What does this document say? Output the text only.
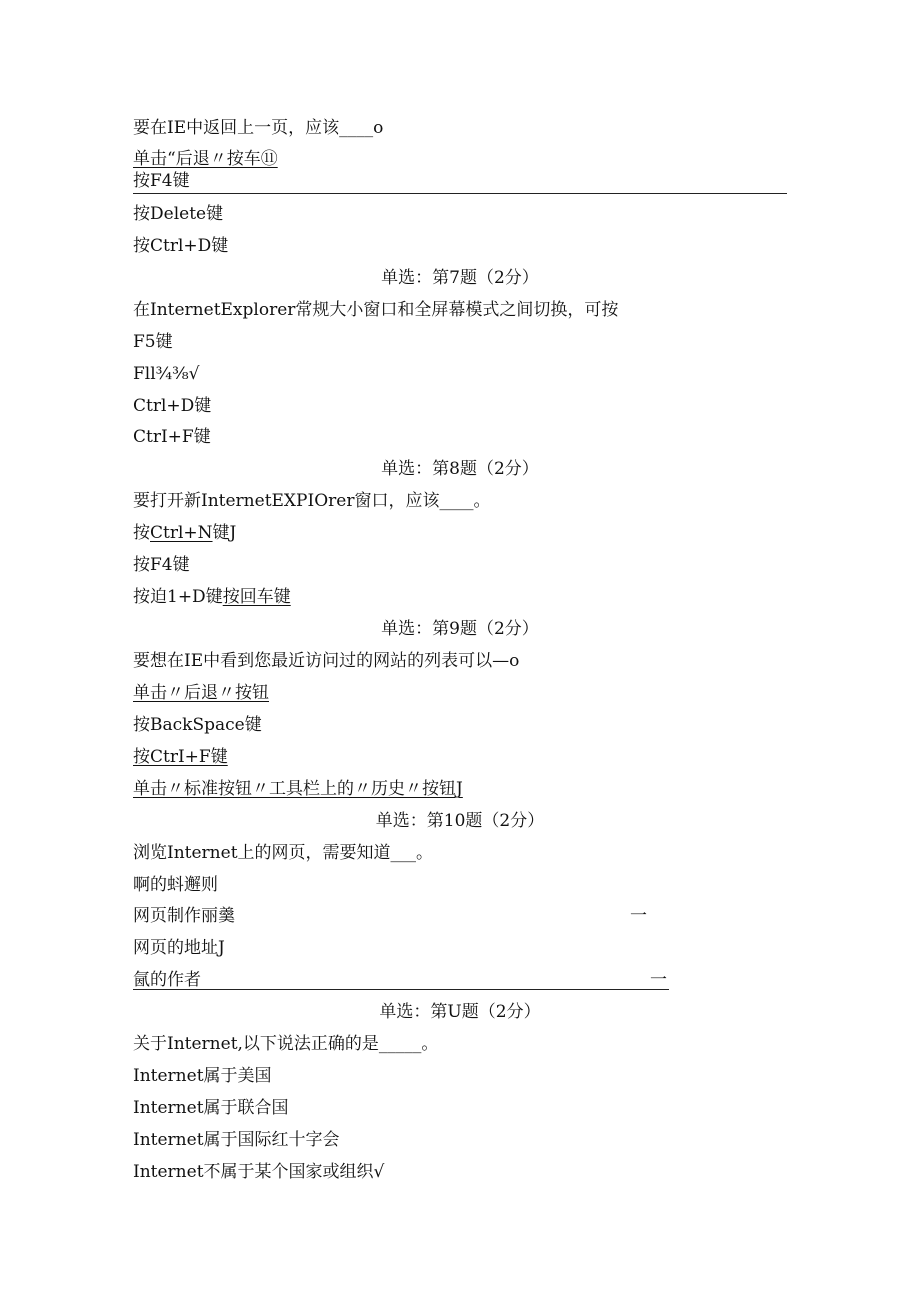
要在IE中返回上一页，应该____o
单击“后退〃按车⑪
按F4键
按Delete键
按Ctrl+D键
单选：第7题（2分）
在InternetExplorer常规大小窗口和全屏幕模式之间切换，可按
F5键
Fll¾⅜√
Ctrl+D键
CtrI+F键
单选：第8题（2分）
要打开新InternetEXPIOrer窗口，应该____。
按Ctrl+N键J
按F4键
按迫1+D键按回车键
单选：第9题（2分）
要想在IE中看到您最近访问过的网站的列表可以—o
单击〃后退〃按钮
按BackSpace键
按CtrI+F键
单击〃标准按钮〃工具栏上的〃历史〃按钮J
单选：第10题（2分）
浏览Internet上的网页，需要知道___。
啊的蚪邂则
网页制作丽羹	一
网页的地址J
氤的作者	一
单选：第U题（2分）
关于Internet,以下说法正确的是_____。
Internet属于美国
Internet属于联合国
Internet属于国际红十字会
Internet不属于某个国家或组织√
